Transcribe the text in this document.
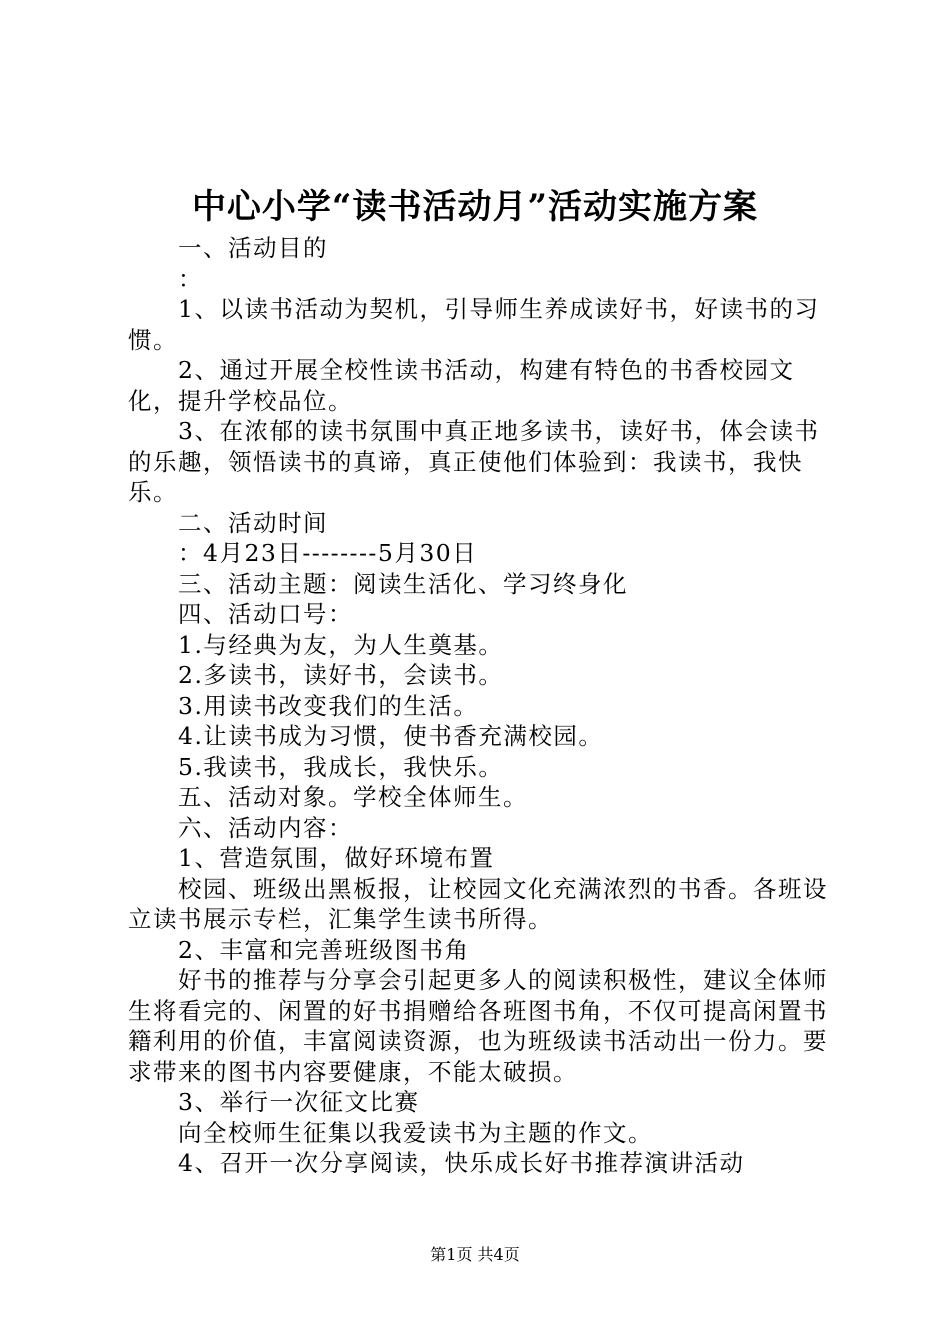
中心小学“读书活动月”活动实施方案

一、活动目的

：

1、以读书活动为契机，引导师生养成读好书，好读书的习惯。

2、通过开展全校性读书活动，构建有特色的书香校园文化，提升学校品位。

3、在浓郁的读书氛围中真正地多读书，读好书，体会读书的乐趣，领悟读书的真谛，真正使他们体验到：我读书，我快乐。

二、活动时间

：4月23日--------5月30日

三、活动主题：阅读生活化、学习终身化

四、活动口号：

1.与经典为友，为人生奠基。

2.多读书，读好书，会读书。

3.用读书改变我们的生活。

4.让读书成为习惯，使书香充满校园。

5.我读书，我成长，我快乐。

五、活动对象。学校全体师生。

六、活动内容：

1、营造氛围，做好环境布置

校园、班级出黑板报，让校园文化充满浓烈的书香。各班设立读书展示专栏，汇集学生读书所得。

2、丰富和完善班级图书角

好书的推荐与分享会引起更多人的阅读积极性，建议全体师生将看完的、闲置的好书捐赠给各班图书角，不仅可提高闲置书籍利用的价值，丰富阅读资源，也为班级读书活动出一份力。要求带来的图书内容要健康，不能太破损。

3、举行一次征文比赛

向全校师生征集以我爱读书为主题的作文。

4、召开一次分享阅读，快乐成长好书推荐演讲活动

第1页 共4页
